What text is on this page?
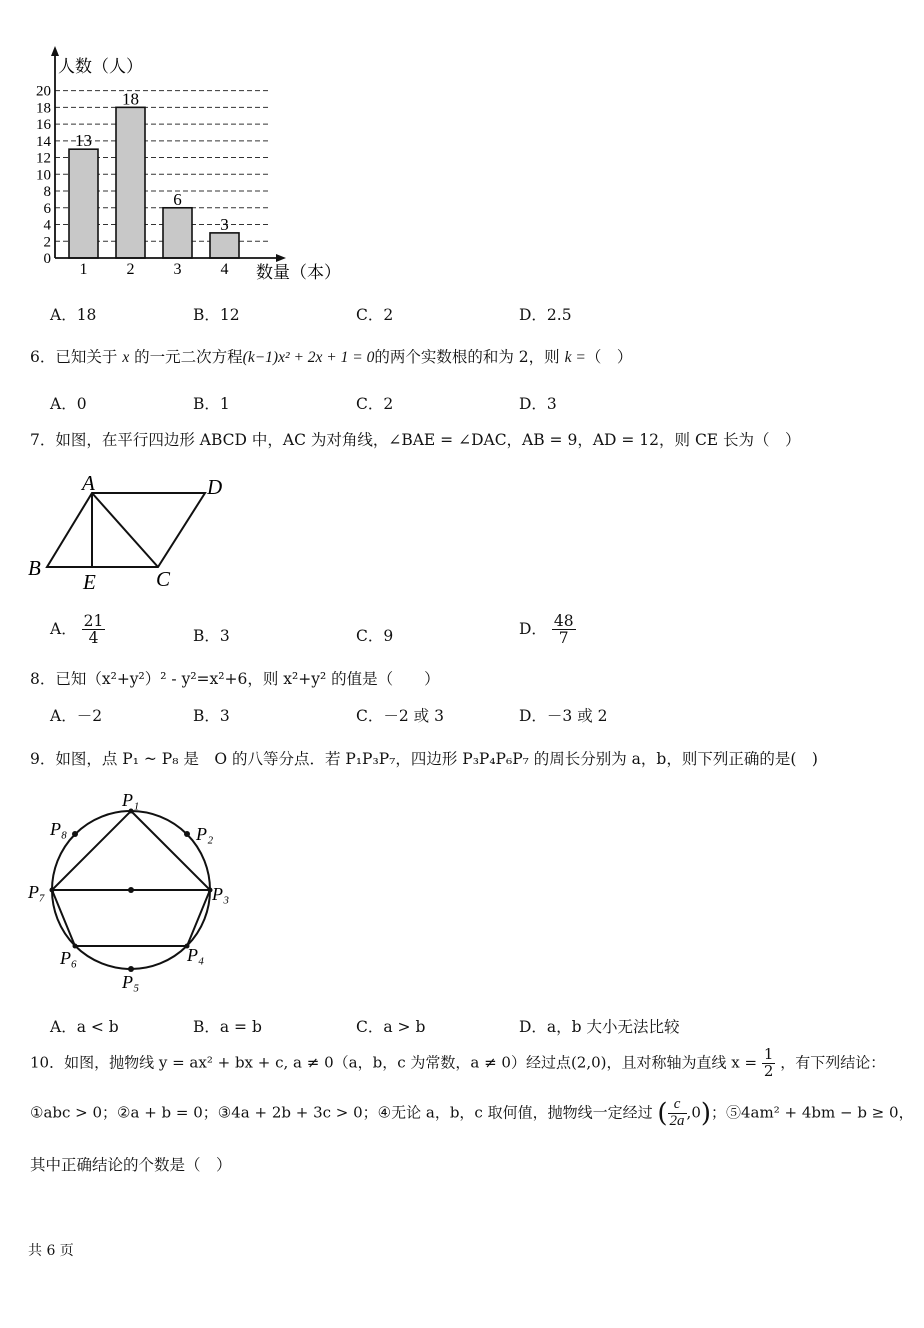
13
18
6
3
0
2
4
6
8
10
12
14
16
18
20
1 2 3 4
人数（人）
数量（本）
A．18	B．12	C．2	D．2.5
6．已知关于 x 的一元二次方程(k−1)x² + 2x + 1 = 0的两个实数根的和为 2，则 k =（　）
A．0	B．1	C．2	D．3
7．如图，在平行四边形 ABCD 中，AC 为对角线，∠BAE = ∠DAC，AB = 9，AD = 12，则 CE 长为（　）
A	D
B
E	C
A． $\frac{21}{4}$	B．3	C．9	D． $\frac{48}{7}$
8．已知（x²+y²）² - y²=x²+6，则 x²+y² 的值是（　　）
A．－2	B．3	C．－2 或 3	D．－3 或 2
9．如图，点 P₁ ~ P₈ 是　O 的八等分点．若 P₁P₃P₇，四边形 P₃P₄P₆P₇ 的周长分别为 a，b，则下列正确的是(　)
P₁
P₂
P₃
P₄
P₅
P₆
P₇
P₈
A．a < b	B．a = b	C．a > b	D．a，b 大小无法比较
10．如图，抛物线 y = ax² + bx + c, a ≠ 0（a，b，c 为常数，a ≠ 0）经过点(2,0)，且对称轴为直线 $x = \frac{1}{2}$ ，有下列结论：
①abc > 0；②a + b = 0；③4a + 2b + 3c > 0；④无论 a，b，c 取何值，抛物线一定经过 ( $\frac{c}{2a} ,0$)；⑤4am² + 4bm − b ≥ 0，
其中正确结论的个数是（　）
共 6 页
